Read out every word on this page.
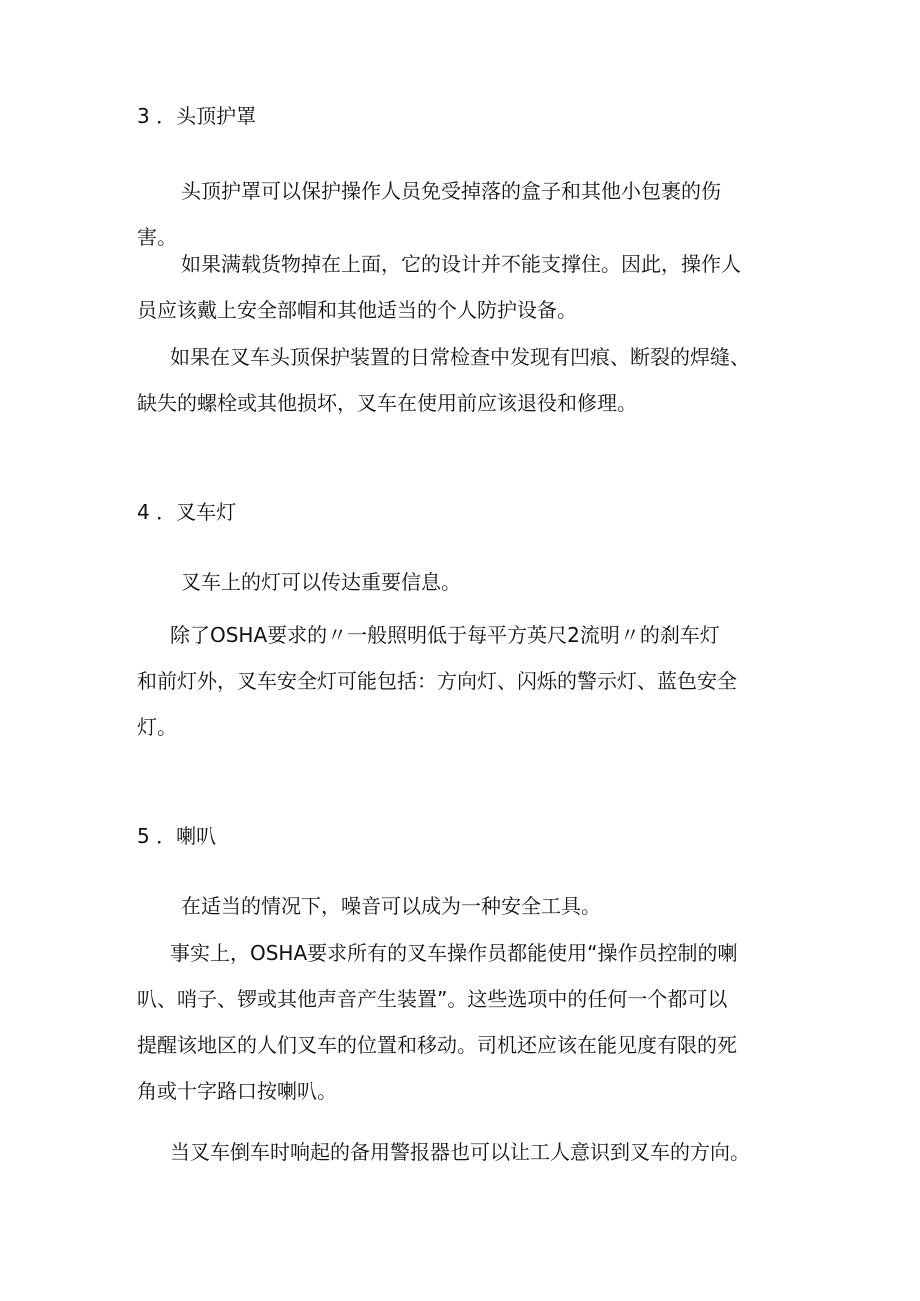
3 ．头顶护罩
头顶护罩可以保护操作人员免受掉落的盒子和其他小包裹的伤
害。
如果满载货物掉在上面，它的设计并不能支撑住。因此，操作人
员应该戴上安全部帽和其他适当的个人防护设备。
如果在叉车头顶保护装置的日常检查中发现有凹痕、断裂的焊缝、
缺失的螺栓或其他损坏，叉车在使用前应该退役和修理。
4 ．叉车灯
叉车上的灯可以传达重要信息。
除了OSHA要求的〃一般照明低于每平方英尺2流明〃的刹车灯
和前灯外，叉车安全灯可能包括：方向灯、闪烁的警示灯、蓝色安全
灯。
5 ．喇叭
在适当的情况下，噪音可以成为一种安全工具。
事实上，OSHA要求所有的叉车操作员都能使用“操作员控制的喇
叭、哨子、锣或其他声音产生装置”。这些选项中的任何一个都可以
提醒该地区的人们叉车的位置和移动。司机还应该在能见度有限的死
角或十字路口按喇叭。
当叉车倒车时响起的备用警报器也可以让工人意识到叉车的方向。
